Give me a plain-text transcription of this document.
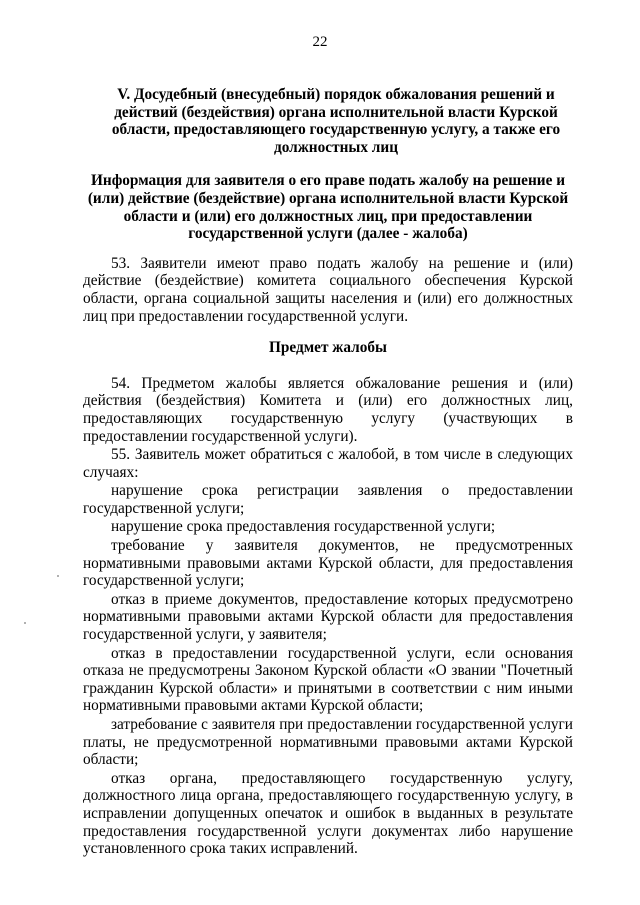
22

V. Досудебный (внесудебный) порядок обжалования решений и действий (бездействия) органа исполнительной власти Курской области, предоставляющего государственную услугу, а также его должностных лиц

Информация для заявителя о его праве подать жалобу на решение и (или) действие (бездействие) органа исполнительной власти Курской области и (или) его должностных лиц, при предоставлении государственной услуги (далее - жалоба)

53. Заявители имеют право подать жалобу на решение и (или) действие (бездействие) комитета социального обеспечения Курской области, органа социальной защиты населения и (или) его должностных лиц при предоставлении государственной услуги.

Предмет жалобы

54. Предметом жалобы является обжалование решения и (или) действия (бездействия) Комитета и (или) его должностных лиц, предоставляющих государственную услугу (участвующих в предоставлении государственной услуги).

55. Заявитель может обратиться с жалобой, в том числе в следующих случаях:

нарушение срока регистрации заявления о предоставлении государственной услуги;

нарушение срока предоставления государственной услуги;

требование у заявителя документов, не предусмотренных нормативными правовыми актами Курской области, для предоставления государственной услуги;

отказ в приеме документов, предоставление которых предусмотрено нормативными правовыми актами Курской области для предоставления государственной услуги, у заявителя;

отказ в предоставлении государственной услуги, если основания отказа не предусмотрены Законом Курской области «О звании "Почетный гражданин Курской области» и принятыми в соответствии с ним иными нормативными правовыми актами Курской области;

затребование с заявителя при предоставлении государственной услуги платы, не предусмотренной нормативными правовыми актами Курской области;

отказ органа, предоставляющего государственную услугу, должностного лица органа, предоставляющего государственную услугу, в исправлении допущенных опечаток и ошибок в выданных в результате предоставления государственной услуги документах либо нарушение установленного срока таких исправлений.
